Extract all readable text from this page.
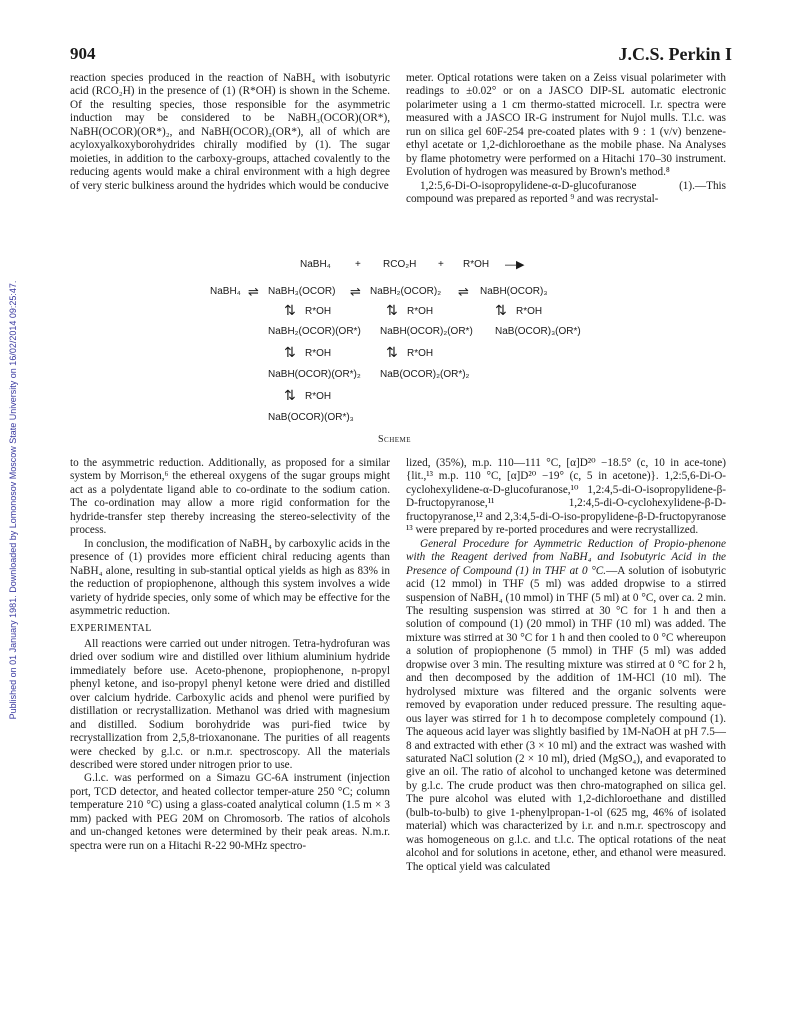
904	J.C.S. Perkin I
Published on 01 January 1981. Downloaded by Lomonosov Moscow State University on 16/02/2014 09:25:47.

reaction species produced in the reaction of NaBH₄ with isobutyric acid (RCO₂H) in the presence of (1) (R*OH) is shown in the Scheme. Of the resulting species, those responsible for the asymmetric induction may be considered to be NaBH₃(OCOR)(OR*), NaBH(OCOR)(OR*)₂, and NaBH(OCOR)₂(OR*), all of which are acyloxyalkoxyborohydrides chirally modified by (1). The sugar moieties, in addition to the carboxy-groups, attached covalently to the reducing agents would make a chiral environment with a high degree of very steric bulkiness around the hydrides which would be conducive

meter. Optical rotations were taken on a Zeiss visual polarimeter with readings to ±0.02° or on a JASCO DIP-SL automatic electronic polarimeter using a 1 cm thermo-statted microcell. I.r. spectra were measured with a JASCO IR-G instrument for Nujol mulls. T.l.c. was run on silica gel 60F-254 pre-coated plates with 9 : 1 (v/v) benzene-ethyl acetate or 1,2-dichloroethane as the mobile phase. Na Analyses by flame photometry were performed on a Hitachi 170–30 instrument. Evolution of hydrogen was measured by Brown's method.⁸

1,2:5,6-Di-O-isopropylidene-α-D-glucofuranose (1).—This compound was prepared as reported ⁹ and was recrystal-

NaBH₄ + RCO₂H + R*OH —▶
NaBH₄ ⇌ NaBH₃(OCOR) ⇌ NaBH₂(OCOR)₂ ⇌ NaBH(OCOR)₃
⇅ R*OH	⇅ R*OH	⇅ R*OH
NaBH₂(OCOR)(OR*) NaBH(OCOR)₂(OR*) NaB(OCOR)₃(OR*)
⇅ R*OH	⇅ R*OH
NaBH(OCOR)(OR*)₂ NaB(OCOR)₂(OR*)₂
⇅ R*OH
NaB(OCOR)(OR*)₃
Scheme

to the asymmetric reduction. Additionally, as proposed for a similar system by Morrison,⁶ the ethereal oxygens of the sugar groups might act as a polydentate ligand able to co-ordinate to the sodium cation. The co-ordination may allow a more rigid conformation for the hydride-transfer step thereby increasing the stereo-selectivity of the process.

In conclusion, the modification of NaBH₄ by carboxylic acids in the presence of (1) provides more efficient chiral reducing agents than NaBH₄ alone, resulting in sub-stantial optical yields as high as 83% in the reduction of propiophenone, although this system involves a wide variety of hydride species, only some of which may be effective for the asymmetric reduction.

EXPERIMENTAL

All reactions were carried out under nitrogen. Tetra-hydrofuran was dried over sodium wire and distilled over lithium aluminium hydride immediately before use. Aceto-phenone, propiophenone, n-propyl phenyl ketone, and iso-propyl phenyl ketone were dried and distilled over calcium hydride. Carboxylic acids and phenol were purified by distillation or recrystallization. Methanol was dried with magnesium and distilled. Sodium borohydride was puri-fied twice by recrystallization from 2,5,8-trioxanonane. The purities of all reagents were checked by g.l.c. or n.m.r. spectroscopy. All the materials described were stored under nitrogen prior to use.

G.l.c. was performed on a Simazu GC-6A instrument (injection port, TCD detector, and heated collector temper-ature 250 °C; column temperature 210 °C) using a glass-coated analytical column (1.5 m × 3 mm) packed with PEG 20M on Chromosorb. The ratios of alcohols and un-changed ketones were determined by their peak areas. N.m.r. spectra were run on a Hitachi R-22 90-MHz spectro-

lized, (35%), m.p. 110—111 °C, [α]D²⁰ −18.5° (c, 10 in ace-tone) {lit.,¹³ m.p. 110 °C, [α]D²⁰ −19° (c, 5 in acetone)}. 1,2:5,6-Di-O-cyclohexylidene-α-D-glucofuranose,¹⁰ 1,2:4,5-di-O-isopropylidene-β-D-fructopyranose,¹¹ 1,2:4,5-di-O-cyclohexylidene-β-D-fructopyranose,¹² and 2,3:4,5-di-O-iso-propylidene-β-D-fructopyranose ¹³ were prepared by re-ported procedures and were recrystallized.

General Procedure for Aymmetric Reduction of Propio-phenone with the Reagent derived from NaBH₄ and Isobutyric Acid in the Presence of Compound (1) in THF at 0 °C.—A solution of isobutyric acid (12 mmol) in THF (5 ml) was added dropwise to a stirred suspension of NaBH₄ (10 mmol) in THF (5 ml) at 0 °C, over ca. 2 min. The resulting suspension was stirred at 30 °C for 1 h and then a solution of compound (1) (20 mmol) in THF (10 ml) was added. The mixture was stirred at 30 °C for 1 h and then cooled to 0 °C whereupon a solution of propiophenone (5 mmol) in THF (5 ml) was added dropwise over 3 min. The resulting mixture was stirred at 0 °C for 2 h, and then decomposed by the addition of 1M-HCl (10 ml). The hydrolysed mixture was filtered and the organic solvents were removed by evaporation under reduced pressure. The resulting aque-ous layer was stirred for 1 h to decompose completely compound (1). The aqueous acid layer was slightly basified by 1M-NaOH at pH 7.5—8 and extracted with ether (3 × 10 ml) and the extract was washed with saturated NaCl solution (2 × 10 ml), dried (MgSO₄), and evaporated to give an oil. The ratio of alcohol to unchanged ketone was determined by g.l.c. The crude product was then chro-matographed on silica gel. The pure alcohol was eluted with 1,2-dichloroethane and distilled (bulb-to-bulb) to give 1-phenylpropan-1-ol (625 mg, 46% of isolated material) which was characterized by i.r. and n.m.r. spectroscopy and was homogeneous on g.l.c. and t.l.c. The optical rotations of the neat alcohol and for solutions in acetone, ether, and ethanol were measured. The optical yield was calculated
